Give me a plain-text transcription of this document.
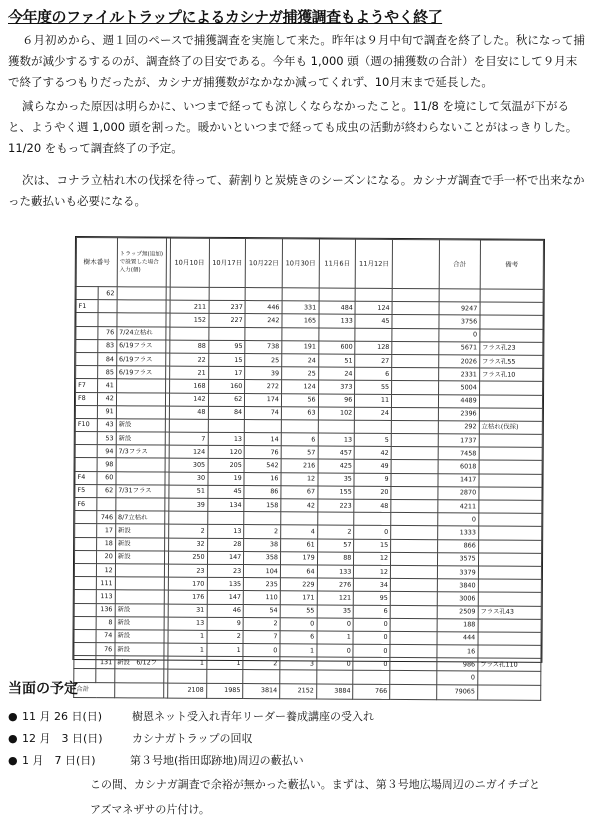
今年度のファイルトラップによるカシナガ捕獲調査もようやく終了

６月初めから、週１回のペースで捕獲調査を実施して来た。昨年は９月中旬で調査を終了した。秋になって捕獲数が減少するするのが、調査終了の目安である。今年も 1,000 頭（週の捕獲数の合計）を目安にして９月末で終了するつもりだったが、カシナガ捕獲数がなかなか減ってくれず、10月末まで延長した。

減らなかった原因は明らかに、いつまで経っても涼しくならなかったこと。11/8 を境にして気温が下がると、ようやく週 1,000 頭を割った。暖かいといつまで経っても成虫の活動が終わらないことがはっきりした。11/20 をもって調査終了の予定。

次は、コナラ立枯れ木の伐採を待って、薪割りと炭焼きのシーズンになる。カシナガ調査で手一杯で出来なかった藪払いも必要になる。

樹木番号		トラップ無(追加)で設置した場合入力(個)		10月10日	10月17日	10月22日	10月30日	11月6日	11月12日		合計	備考
	62											
F1				211	237	446	331	484	124		9247	
				152	227	242	165	133	45		3756	
	76	7/24立枯れ									0	
	83	6/19フラス		88	95	738	191	600	128		5671	フラス孔23
	84	6/19フラス		22	15	25	24	51	27		2026	フラス孔55
	85	6/19フラス		21	17	39	25	24	6		2331	フラス孔10
F7	41			168	160	272	124	373	55		5004	
F8	42			142	62	174	56	96	11		4489	
	91			48	84	74	63	102	24		2396	
F10	43	新設									292	立枯れ(伐採)
	53	新設		7	13	14	6	13	5		1737	
	94	7/3フラス		124	120	76	57	457	42		7458	
	98			305	205	542	216	425	49		6018	
F4	60			30	19	16	12	35	9		1417	
F5	62	7/31フラス		51	45	86	67	155	20		2870	
F6				39	134	158	42	223	48		4211	
	746	8/7立枯れ									0	
	17	新設		2	13	2	4	2	0		1333	
	18	新設		32	28	38	61	57	15		866	
	20	新設		250	147	358	179	88	12		3575	
	12			23	23	104	64	133	12		3379	
	111			170	135	235	229	276	34		3840	
	113			176	147	110	171	121	95		3006	
	136	新設		31	46	54	55	35	6		2509	フラス孔43
	8	新設		13	9	2	0	0	0		188	
	74	新設		1	2	7	6	1	0		444	
	76	新設		1	1	0	1	0	0		16	
	131	新設　6/12フ		1	1	2	3	0	0		986	フラス孔110
											0	
合計				2108	1985	3814	2152	3884	766		79065	
当面の予定
● 11 月 26 日(日)	樹恩ネット受入れ青年リーダー養成講座の受入れ
● 12 月　3 日(日)	カシナガトラップの回収
● 1 月　7 日(日)	第３号地(指田邸跡地)周辺の藪払い
この間、カシナガ調査で余裕が無かった藪払い。まずは、第３号地広場周辺のニガイチゴと
アズマネザサの片付け。
